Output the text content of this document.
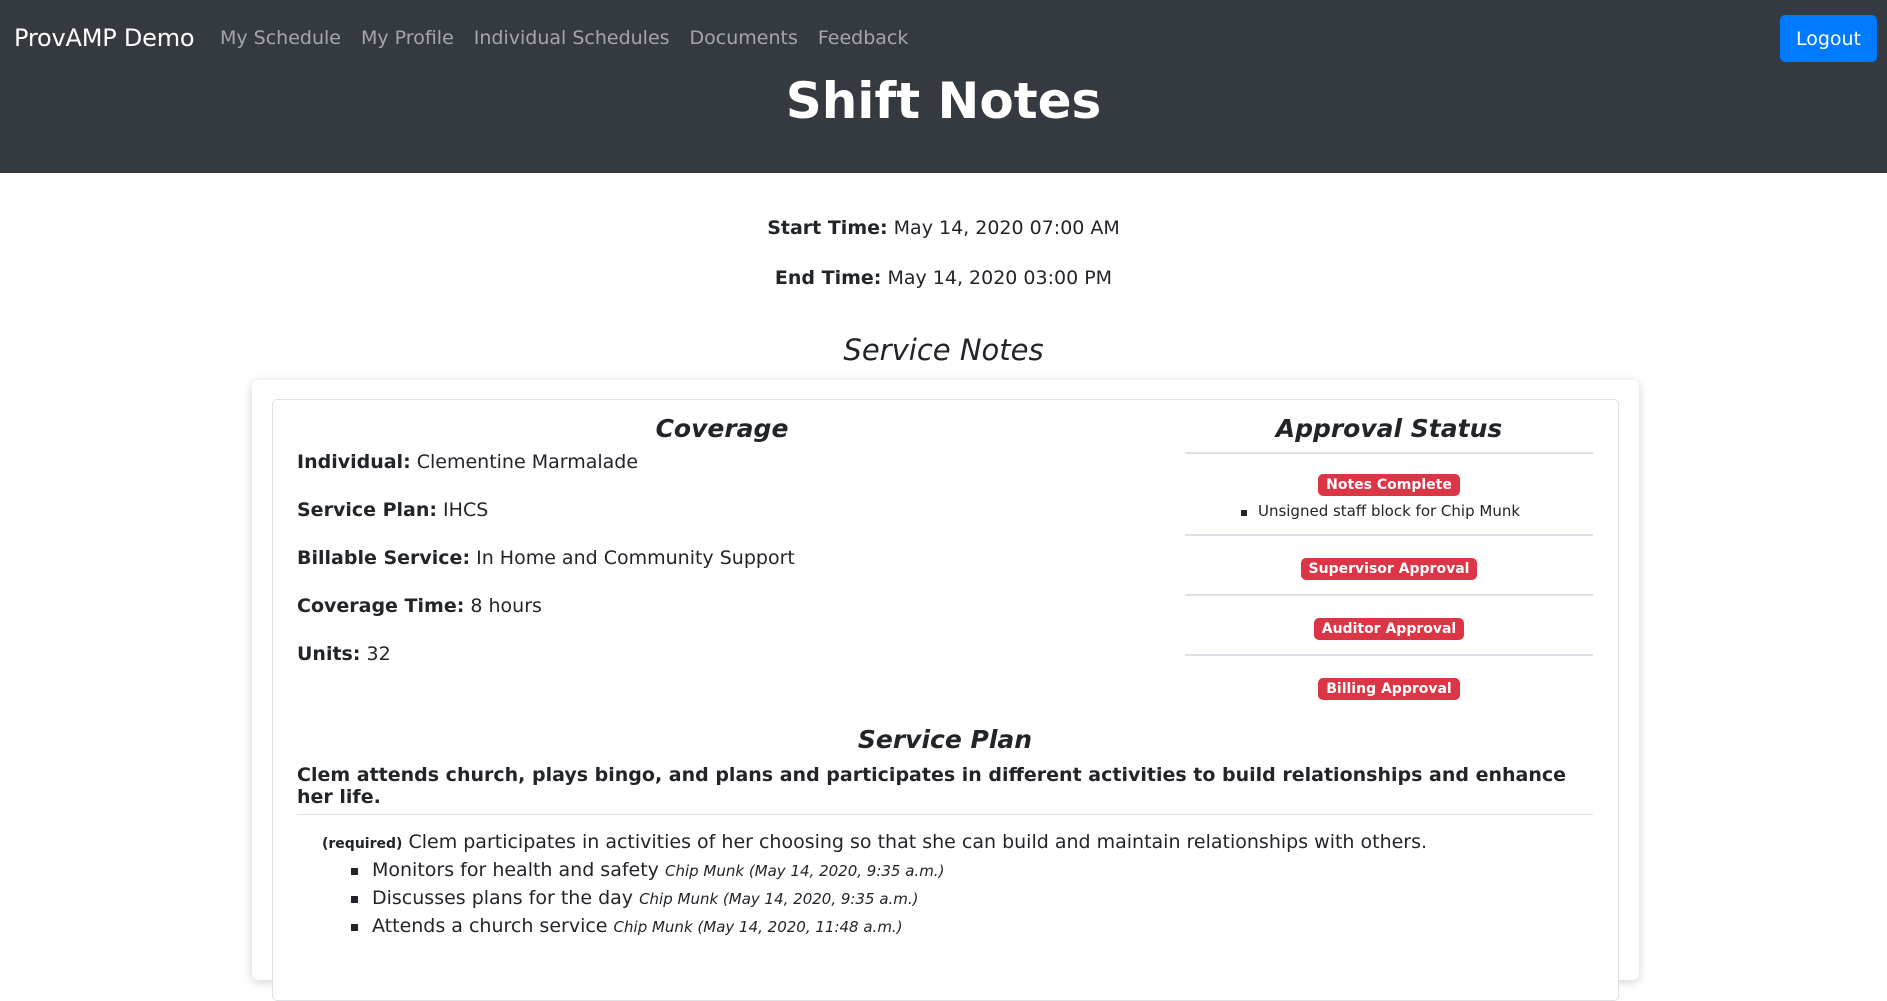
ProvAMP Demo My Schedule My Profile Individual Schedules Documents Feedback	Logout
Shift Notes
Start Time: May 14, 2020 07:00 AM
End Time: May 14, 2020 03:00 PM
Service Notes
Coverage

Individual: Clementine Marmalade

Service Plan: IHCS

Billable Service: In Home and Community Support

Coverage Time: 8 hours

Units: 32

Approval Status
Notes Complete
Unsigned staff block for Chip Munk
Supervisor Approval
Auditor Approval
Billing Approval
Service Plan

Clem attends church, plays bingo, and plans and participates in different activities to build relationships and enhance her life.

(required) Clem participates in activities of her choosing so that she can build and maintain relationships with others.
Monitors for health and safety Chip Munk (May 14, 2020, 9:35 a.m.)
Discusses plans for the day Chip Munk (May 14, 2020, 9:35 a.m.)
Attends a church service Chip Munk (May 14, 2020, 11:48 a.m.)
